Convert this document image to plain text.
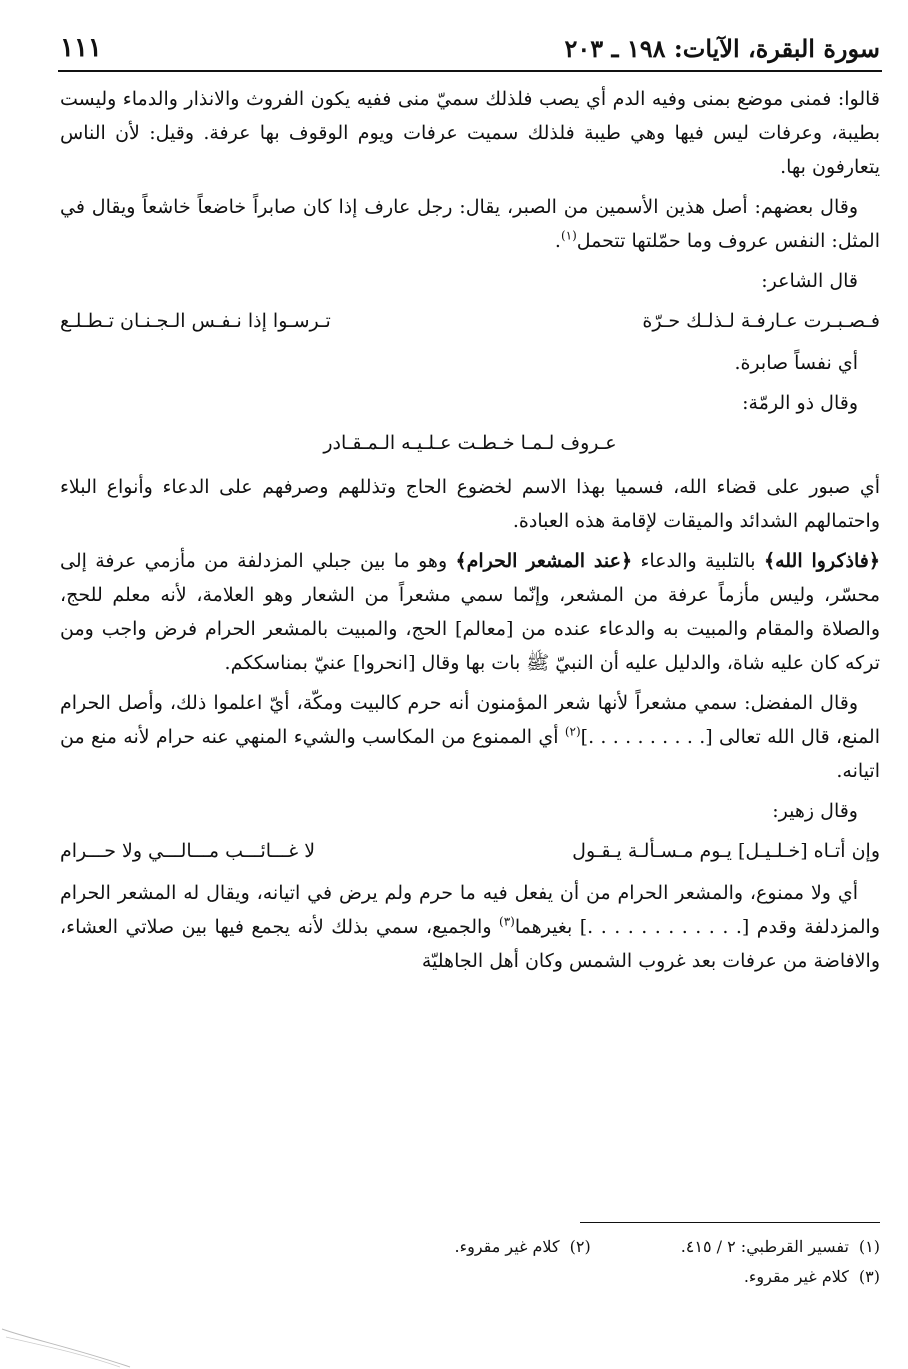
سورة البقرة، الآيات: ١٩٨ ـ ٢٠٣
١١١

قالوا: فمنى موضع بمنى وفيه الدم أي يصب فلذلك سميّ منى ففيه يكون الفروث والانذار والدماء وليست بطيبة، وعرفات ليس فيها وهي طيبة فلذلك سميت عرفات ويوم الوقوف بها عرفة. وقيل: لأن الناس يتعارفون بها.

وقال بعضهم: أصل هذين الأسمين من الصبر، يقال: رجل عارف إذا كان صابراً خاضعاً خاشعاً ويقال في المثل: النفس عروف وما حمّلتها تتحمل$^{(١)}$.

قال الشاعر:

فـصـبـرت عـارفـة لـذلـك حـرّة
تـرسـوا إذا نـفـس الـجـنـان تـطـلـع

أي نفساً صابرة.

وقال ذو الرمّة:

عـروف لـمـا خـطـت عـلـيـه الـمـقـادر

أي صبور على قضاء الله، فسميا بهذا الاسم لخضوع الحاج وتذللهم وصرفهم على الدعاء وأنواع البلاء واحتمالهم الشدائد والميقات لإقامة هذه العبادة.

﴿فاذكروا الله﴾ بالتلبية والدعاء ﴿عند المشعر الحرام﴾ وهو ما بين جبلي المزدلفة من مأزمي عرفة إلى محسّر، وليس مأزماً عرفة من المشعر، وإنّما سمي مشعراً من الشعار وهو العلامة، لأنه معلم للحج، والصلاة والمقام والمبيت به والدعاء عنده من [معالم] الحج، والمبيت بالمشعر الحرام فرض واجب ومن تركه كان عليه شاة، والدليل عليه أن النبيّ ﷺ بات بها وقال [انحروا] عنيّ بمناسككم.

وقال المفضل: سمي مشعراً لأنها شعر المؤمنون أنه حرم كالبيت ومكّة، أيّ اعلموا ذلك، وأصل الحرام المنع، قال الله تعالى [. . . . . . . . . .]$^{(٢)}$ أي الممنوع من المكاسب والشيء المنهي عنه حرام لأنه منع من اتيانه.

وقال زهير:

وإن أتـاه [خـلـيـل] يـوم مـسـألـة يـقـول
لا غـــائـــب مـــالـــي ولا حـــرام

أي ولا ممنوع، والمشعر الحرام من أن يفعل فيه ما حرم ولم يرض في اتيانه، ويقال له المشعر الحرام والمزدلفة وقدم [. . . . . . . . . . . .] بغيرهما$^{(٣)}$ والجميع، سمي بذلك لأنه يجمع فيها بين صلاتي العشاء، والافاضة من عرفات بعد غروب الشمس وكان أهل الجاهليّة

(١)تفسير القرطبي: ٢ / ٤١٥.
(٢)كلام غير مقروء.
(٣)كلام غير مقروء.
